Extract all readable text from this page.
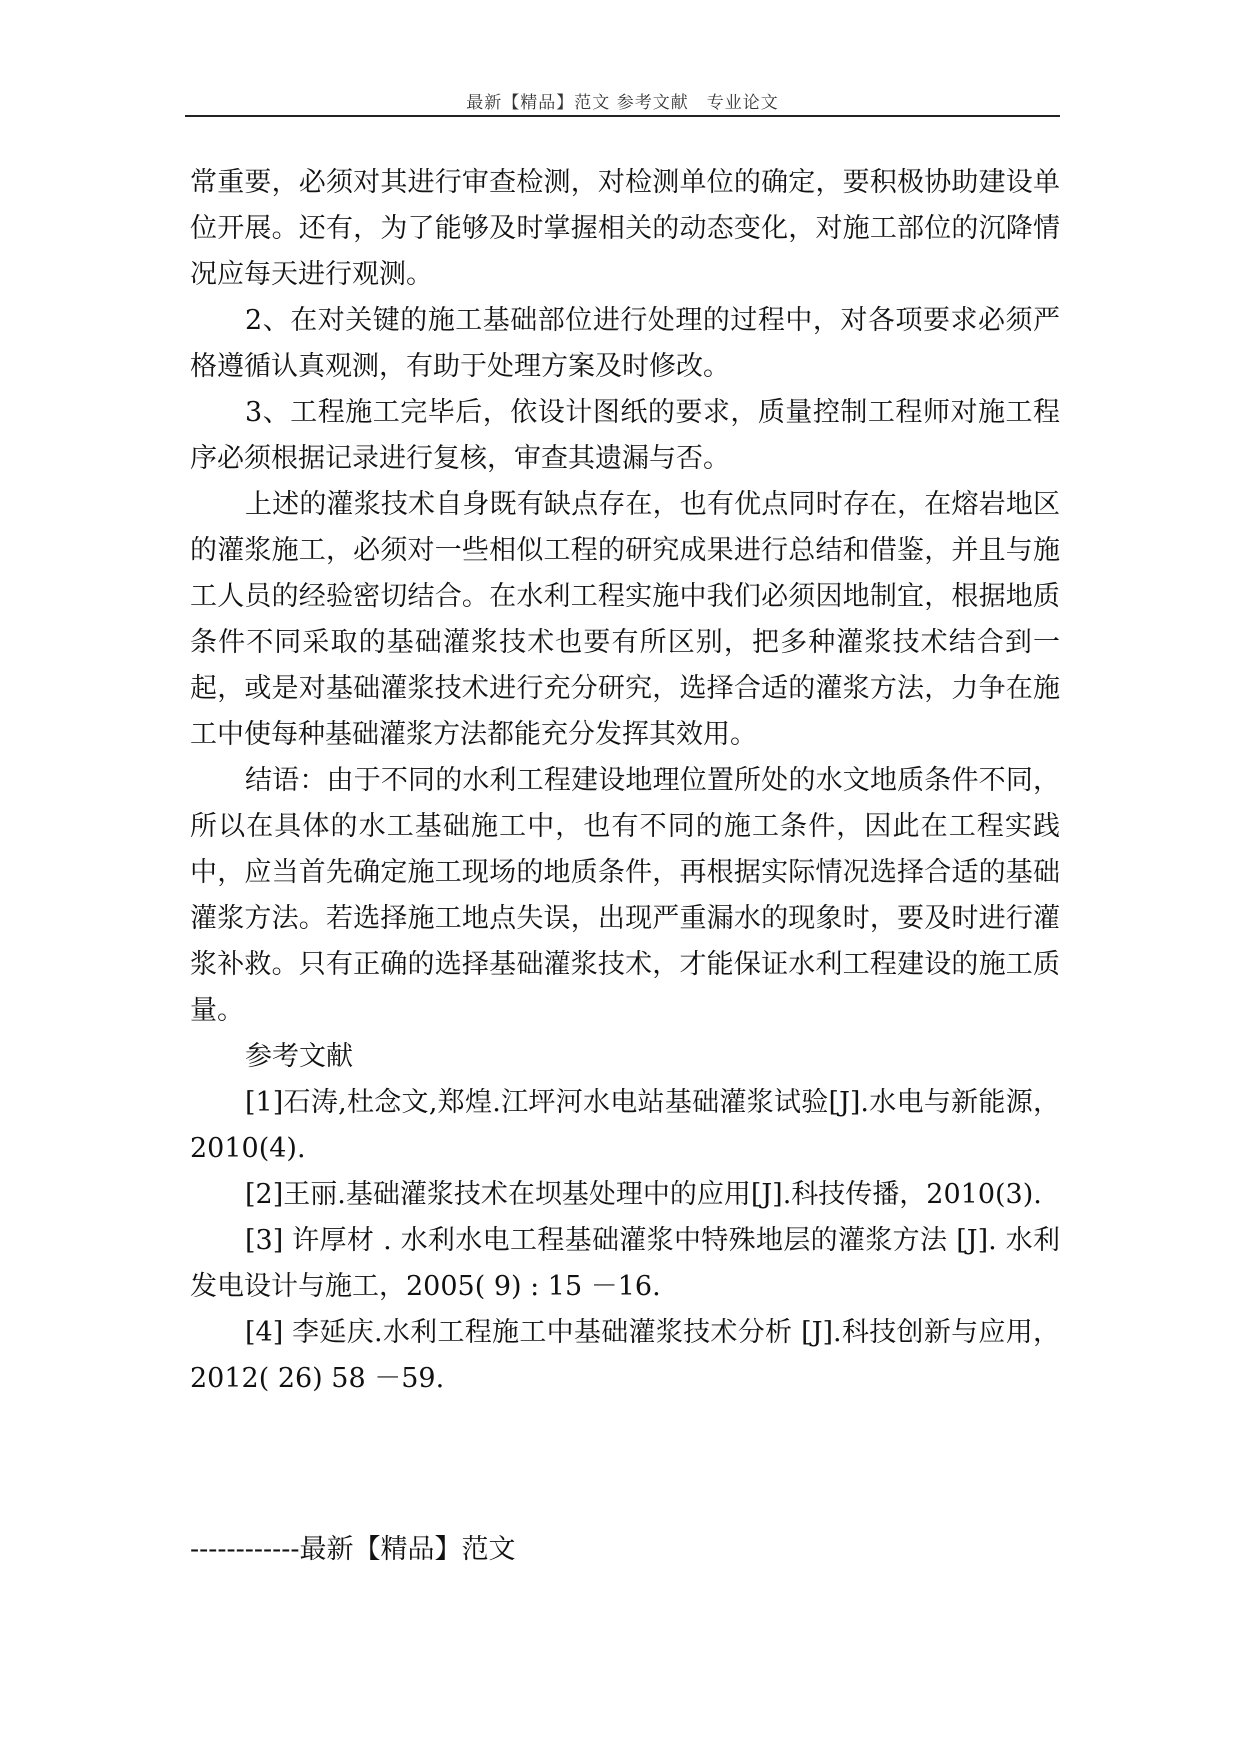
最新【精品】范文 参考文献　专业论文

常重要，必须对其进行审查检测，对检测单位的确定，要积极协助建设单位开展。还有，为了能够及时掌握相关的动态变化，对施工部位的沉降情况应每天进行观测。

2、在对关键的施工基础部位进行处理的过程中，对各项要求必须严格遵循认真观测，有助于处理方案及时修改。

3、工程施工完毕后，依设计图纸的要求，质量控制工程师对施工程序必须根据记录进行复核，审查其遗漏与否。

上述的灌浆技术自身既有缺点存在，也有优点同时存在，在熔岩地区的灌浆施工，必须对一些相似工程的研究成果进行总结和借鉴，并且与施工人员的经验密切结合。在水利工程实施中我们必须因地制宜，根据地质条件不同采取的基础灌浆技术也要有所区别，把多种灌浆技术结合到一起，或是对基础灌浆技术进行充分研究，选择合适的灌浆方法，力争在施工中使每种基础灌浆方法都能充分发挥其效用。

结语：由于不同的水利工程建设地理位置所处的水文地质条件不同，所以在具体的水工基础施工中，也有不同的施工条件，因此在工程实践中，应当首先确定施工现场的地质条件，再根据实际情况选择合适的基础灌浆方法。若选择施工地点失误，出现严重漏水的现象时，要及时进行灌浆补救。只有正确的选择基础灌浆技术，才能保证水利工程建设的施工质量。

参考文献

[1]石涛,杜念文,郑煌.江坪河水电站基础灌浆试验[J].水电与新能源，2010(4).

[2]王丽.基础灌浆技术在坝基处理中的应用[J].科技传播，2010(3).

[3] 许厚材 . 水利水电工程基础灌浆中特殊地层的灌浆方法 [J]. 水利发电设计与施工，2005( 9) : 15 －16.

[4] 李延庆.水利工程施工中基础灌浆技术分析 [J].科技创新与应用，2012( 26) 58 －59.

------------最新【精品】范文
